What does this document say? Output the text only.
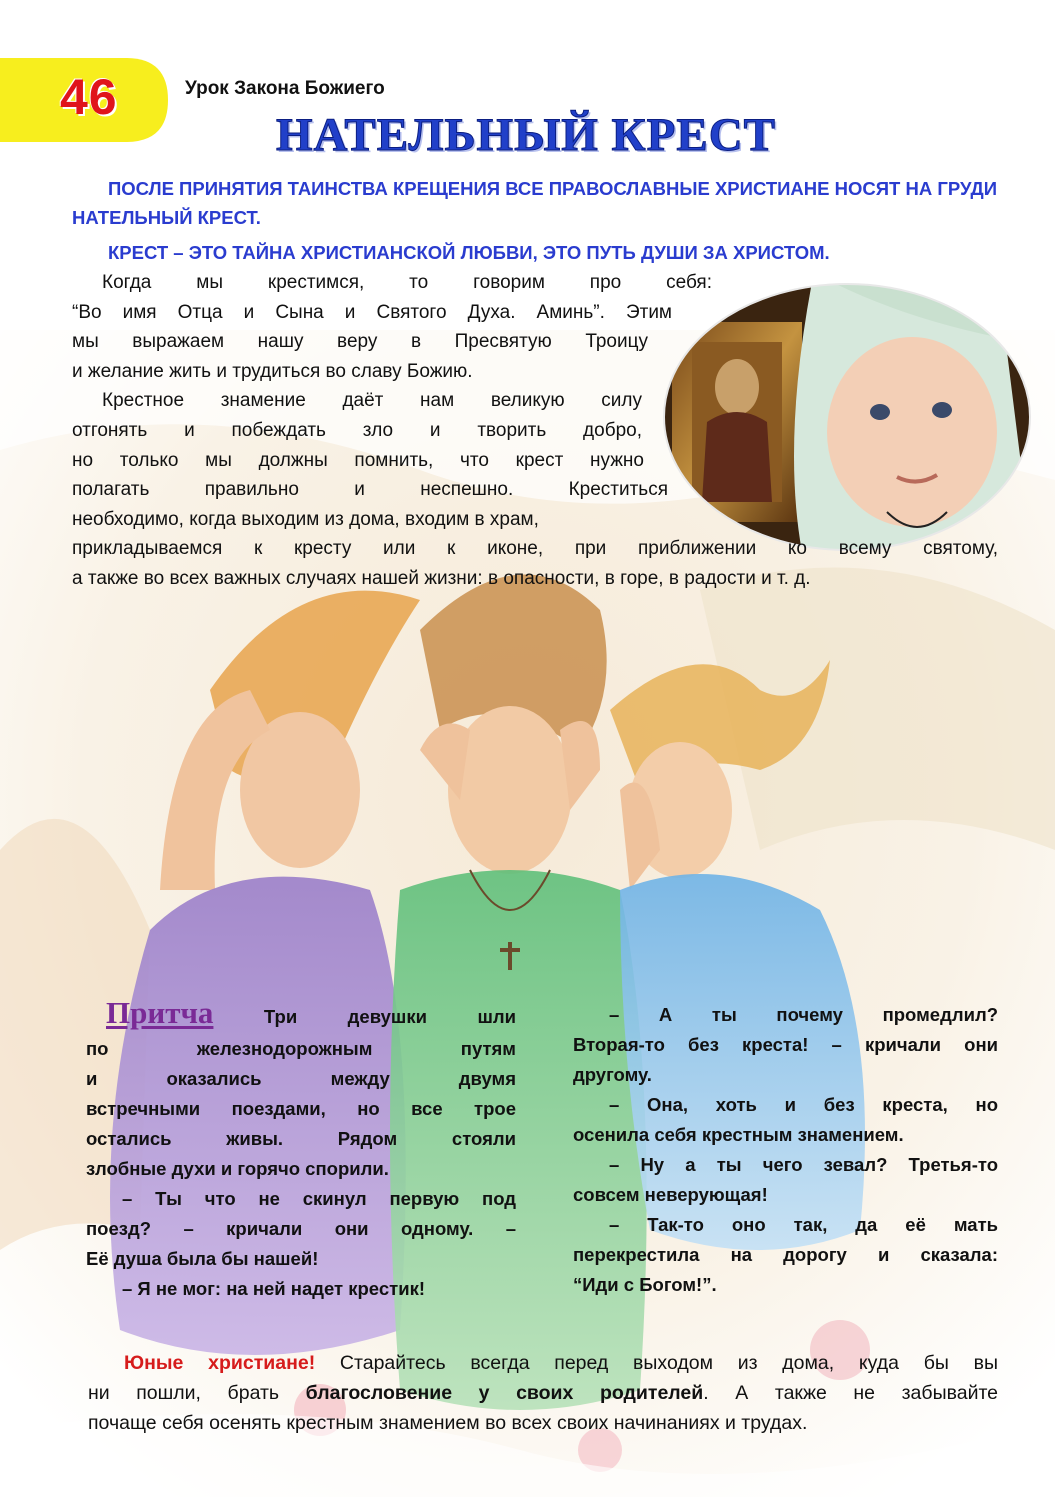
46	Урок Закона Божиего
НАТЕЛЬНЫЙ КРЕСТ
ПОСЛЕ ПРИНЯТИЯ ТАИНСТВА КРЕЩЕНИЯ ВСЕ ПРАВОСЛАВНЫЕ ХРИСТИАНЕ НОСЯТ НА ГРУДИ НАТЕЛЬНЫЙ КРЕСТ.
КРЕСТ – ЭТО ТАЙНА ХРИСТИАНСКОЙ ЛЮБВИ, ЭТО ПУТЬ ДУШИ ЗА ХРИСТОМ.
Когда мы крестимся, то говорим про себя:
“Во имя Отца и Сына и Святого Духа. Аминь”. Этим
мы выражаем нашу веру в Пресвятую Троицу
и желание жить и трудиться во славу Божию.
Крестное знамение даёт нам великую силу
отгонять и побеждать зло и творить добро,
но только мы должны помнить, что крест нужно
полагать правильно и неспешно. Креститься
необходимо, когда выходим из дома, входим в храм,
прикладываемся к кресту или к иконе, при приближении ко всему святому,
а также во всех важных случаях нашей жизни: в опасности, в горе, в радости и т. д.
Притча	Три девушки шли
по железнодорожным путям
и оказались между двумя
встречными поездами, но все трое
остались живы. Рядом стояли
злобные духи и горячо спорили.
– Ты что не скинул первую под
поезд? – кричали они одному. –
Её душа была бы нашей!
– Я не мог: на ней надет крестик!
– А ты почему промедлил?
Вторая-то без креста! – кричали они
другому.
– Она, хоть и без креста, но
осенила себя крестным знамением.
– Ну а ты чего зевал? Третья-то
совсем неверующая!
– Так-то оно так, да её мать
перекрестила на дорогу и сказала:
“Иди с Богом!”.
Юные христиане! Старайтесь всегда перед выходом из дома, куда бы вы
ни пошли, брать благословение у своих родителей. А также не забывайте
почаще себя осенять крестным знамением во всех своих начинаниях и трудах.
